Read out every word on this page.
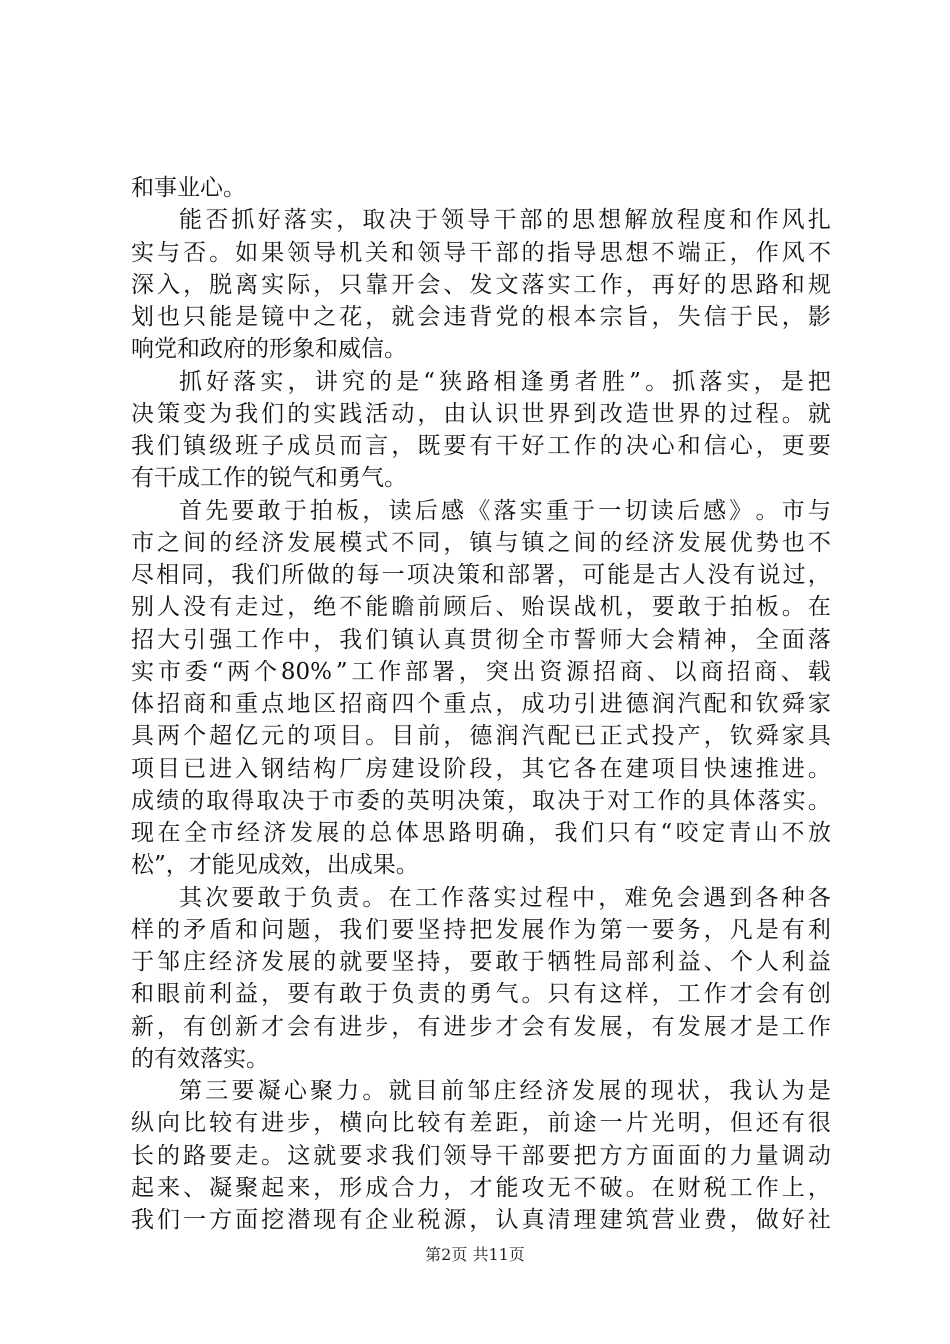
和事业心。
能 否 抓 好 落 实 ， 取 决 于 领 导 干 部 的 思 想 解 放 程 度 和 作 风 扎
实 与 否 。 如 果 领 导 机 关 和 领 导 干 部 的 指 导 思 想 不 端 正 ， 作 风 不
深 入 ， 脱 离 实 际 ， 只 靠 开 会 、 发 文 落 实 工 作 ， 再 好 的 思 路 和 规
划 也 只 能 是 镜 中 之 花 ， 就 会 违 背 党 的 根 本 宗 旨 ， 失 信 于 民 ， 影
响党和政府的形象和威信。
抓 好 落 实 ， 讲 究 的 是 “ 狭 路 相 逢 勇 者 胜 ” 。 抓 落 实 ， 是 把
决 策 变 为 我 们 的 实 践 活 动 ， 由 认 识 世 界 到 改 造 世 界 的 过 程 。 就
我 们 镇 级 班 子 成 员 而 言 ， 既 要 有 干 好 工 作 的 决 心 和 信 心 ， 更 要
有干成工作的锐气和勇气。
首 先 要 敢 于 拍 板 ， 读 后 感 《 落 实 重 于 一 切 读 后 感 》 。 市 与
市 之 间 的 经 济 发 展 模 式 不 同 ， 镇 与 镇 之 间 的 经 济 发 展 优 势 也 不
尽 相 同 ， 我 们 所 做 的 每 一 项 决 策 和 部 署 ， 可 能 是 古 人 没 有 说 过 ，
别 人 没 有 走 过 ， 绝 不 能 瞻 前 顾 后 、 贻 误 战 机 ， 要 敢 于 拍 板 。 在
招 大 引 强 工 作 中 ， 我 们 镇 认 真 贯 彻 全 市 誓 师 大 会 精 神 ， 全 面 落
实 市 委 “ 两 个 80% ” 工 作 部 署 ， 突 出 资 源 招 商 、 以 商 招 商 、 载
体 招 商 和 重 点 地 区 招 商 四 个 重 点 ， 成 功 引 进 德 润 汽 配 和 钦 舜 家
具 两 个 超 亿 元 的 项 目 。 目 前 ， 德 润 汽 配 已 正 式 投 产 ， 钦 舜 家 具
项 目 已 进 入 钢 结 构 厂 房 建 设 阶 段 ， 其 它 各 在 建 项 目 快 速 推 进 。
成 绩 的 取 得 取 决 于 市 委 的 英 明 决 策 ， 取 决 于 对 工 作 的 具 体 落 实 。
现 在 全 市 经 济 发 展 的 总 体 思 路 明 确 ， 我 们 只 有 “ 咬 定 青 山 不 放
松”，才能见成效，出成果。
其 次 要 敢 于 负 责 。 在 工 作 落 实 过 程 中 ， 难 免 会 遇 到 各 种 各
样 的 矛 盾 和 问 题 ， 我 们 要 坚 持 把 发 展 作 为 第 一 要 务 ， 凡 是 有 利
于 邹 庄 经 济 发 展 的 就 要 坚 持 ， 要 敢 于 牺 牲 局 部 利 益 、 个 人 利 益
和 眼 前 利 益 ， 要 有 敢 于 负 责 的 勇 气 。 只 有 这 样 ， 工 作 才 会 有 创
新 ， 有 创 新 才 会 有 进 步 ， 有 进 步 才 会 有 发 展 ， 有 发 展 才 是 工 作
的有效落实。
第 三 要 凝 心 聚 力 。 就 目 前 邹 庄 经 济 发 展 的 现 状 ， 我 认 为 是
纵 向 比 较 有 进 步 ， 横 向 比 较 有 差 距 ， 前 途 一 片 光 明 ， 但 还 有 很
长 的 路 要 走 。 这 就 要 求 我 们 领 导 干 部 要 把 方 方 面 面 的 力 量 调 动
起 来 、 凝 聚 起 来 ， 形 成 合 力 ， 才 能 攻 无 不 破 。 在 财 税 工 作 上 ，
我 们 一 方 面 挖 潜 现 有 企 业 税 源 ， 认 真 清 理 建 筑 营 业 费 ， 做 好 社
第2页 共11页
